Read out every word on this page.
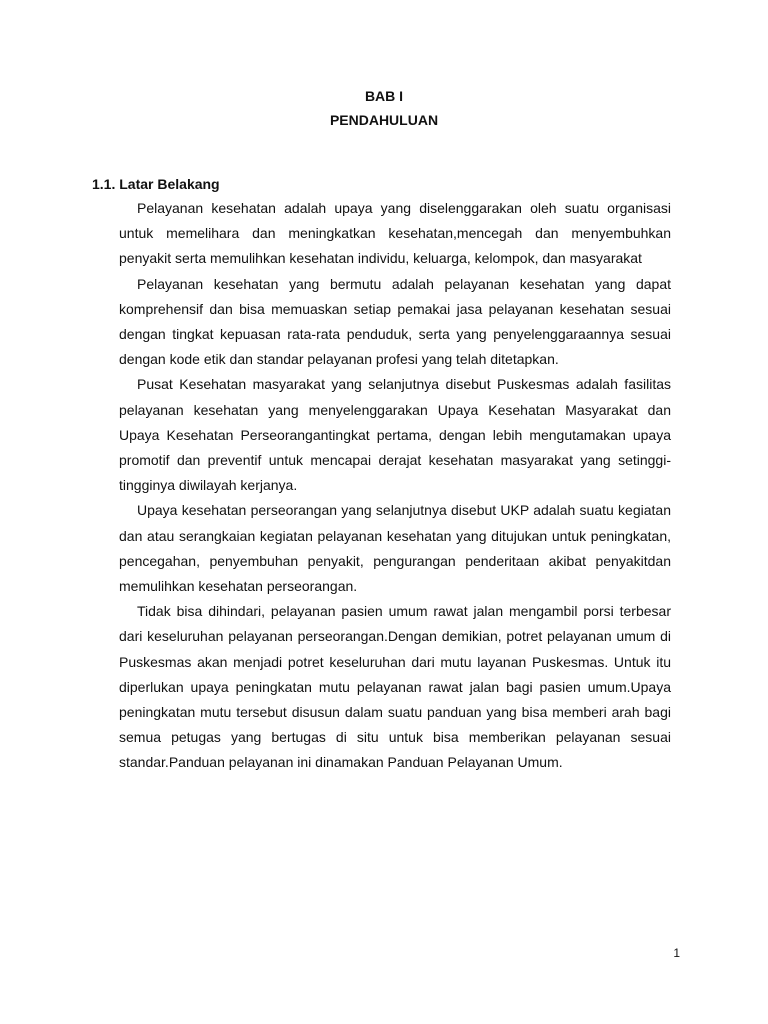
BAB I
PENDAHULUAN
1.1. Latar Belakang

Pelayanan kesehatan adalah upaya yang diselenggarakan oleh suatu organisasi untuk memelihara dan meningkatkan kesehatan,mencegah dan menyembuhkan penyakit serta memulihkan kesehatan individu, keluarga, kelompok, dan masyarakat

Pelayanan kesehatan yang bermutu adalah pelayanan kesehatan yang dapat komprehensif dan bisa memuaskan setiap pemakai jasa pelayanan kesehatan sesuai dengan tingkat kepuasan rata-rata penduduk, serta yang penyelenggaraannya sesuai dengan kode etik dan standar pelayanan profesi yang telah ditetapkan.

Pusat Kesehatan masyarakat yang selanjutnya disebut Puskesmas adalah fasilitas pelayanan kesehatan yang menyelenggarakan Upaya Kesehatan Masyarakat dan Upaya Kesehatan Perseorangantingkat pertama, dengan lebih mengutamakan upaya promotif dan preventif untuk mencapai derajat kesehatan masyarakat yang setinggi-tingginya diwilayah kerjanya.

Upaya kesehatan perseorangan yang selanjutnya disebut UKP adalah suatu kegiatan dan atau serangkaian kegiatan pelayanan kesehatan yang ditujukan untuk peningkatan, pencegahan, penyembuhan penyakit, pengurangan penderitaan akibat penyakitdan memulihkan kesehatan perseorangan.

Tidak bisa dihindari, pelayanan pasien umum rawat jalan mengambil porsi terbesar dari keseluruhan pelayanan perseorangan.Dengan demikian, potret pelayanan umum di Puskesmas akan menjadi potret keseluruhan dari mutu layanan Puskesmas. Untuk itu diperlukan upaya peningkatan mutu pelayanan rawat jalan bagi pasien umum.Upaya peningkatan mutu tersebut disusun dalam suatu panduan yang bisa memberi arah bagi semua petugas yang bertugas di situ untuk bisa memberikan pelayanan sesuai standar.Panduan pelayanan ini dinamakan Panduan Pelayanan Umum.

1
